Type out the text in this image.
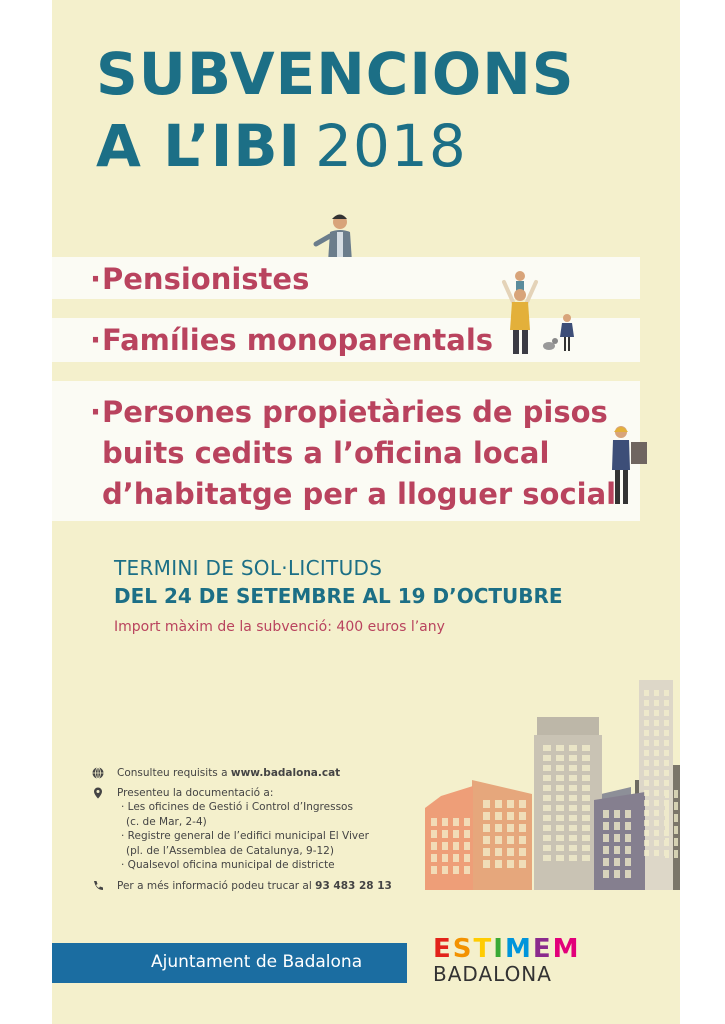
SUBVENCIONS
A L’IBI 2018
·Pensionistes
·Famílies monoparentals
·Persones propietàries de pisos
buits cedits a l’oficina local
d’habitatge per a lloguer social
TERMINI DE SOL·LICITUDS
DEL 24 DE SETEMBRE AL 19 D’OCTUBRE
Import màxim de la subvenció: 400 euros l’any
Consulteu requisits a www.badalona.cat
Presenteu la documentació a:
· Les oficines de Gestió i Control d’Ingressos
(c. de Mar, 2-4)
· Registre general de l’edifici municipal El Viver
(pl. de l’Assemblea de Catalunya, 9-12)
· Qualsevol oficina municipal de districte
Per a més informació podeu trucar al 93 483 28 13
Ajuntament de Badalona	ESTIMEM
BADALONA
